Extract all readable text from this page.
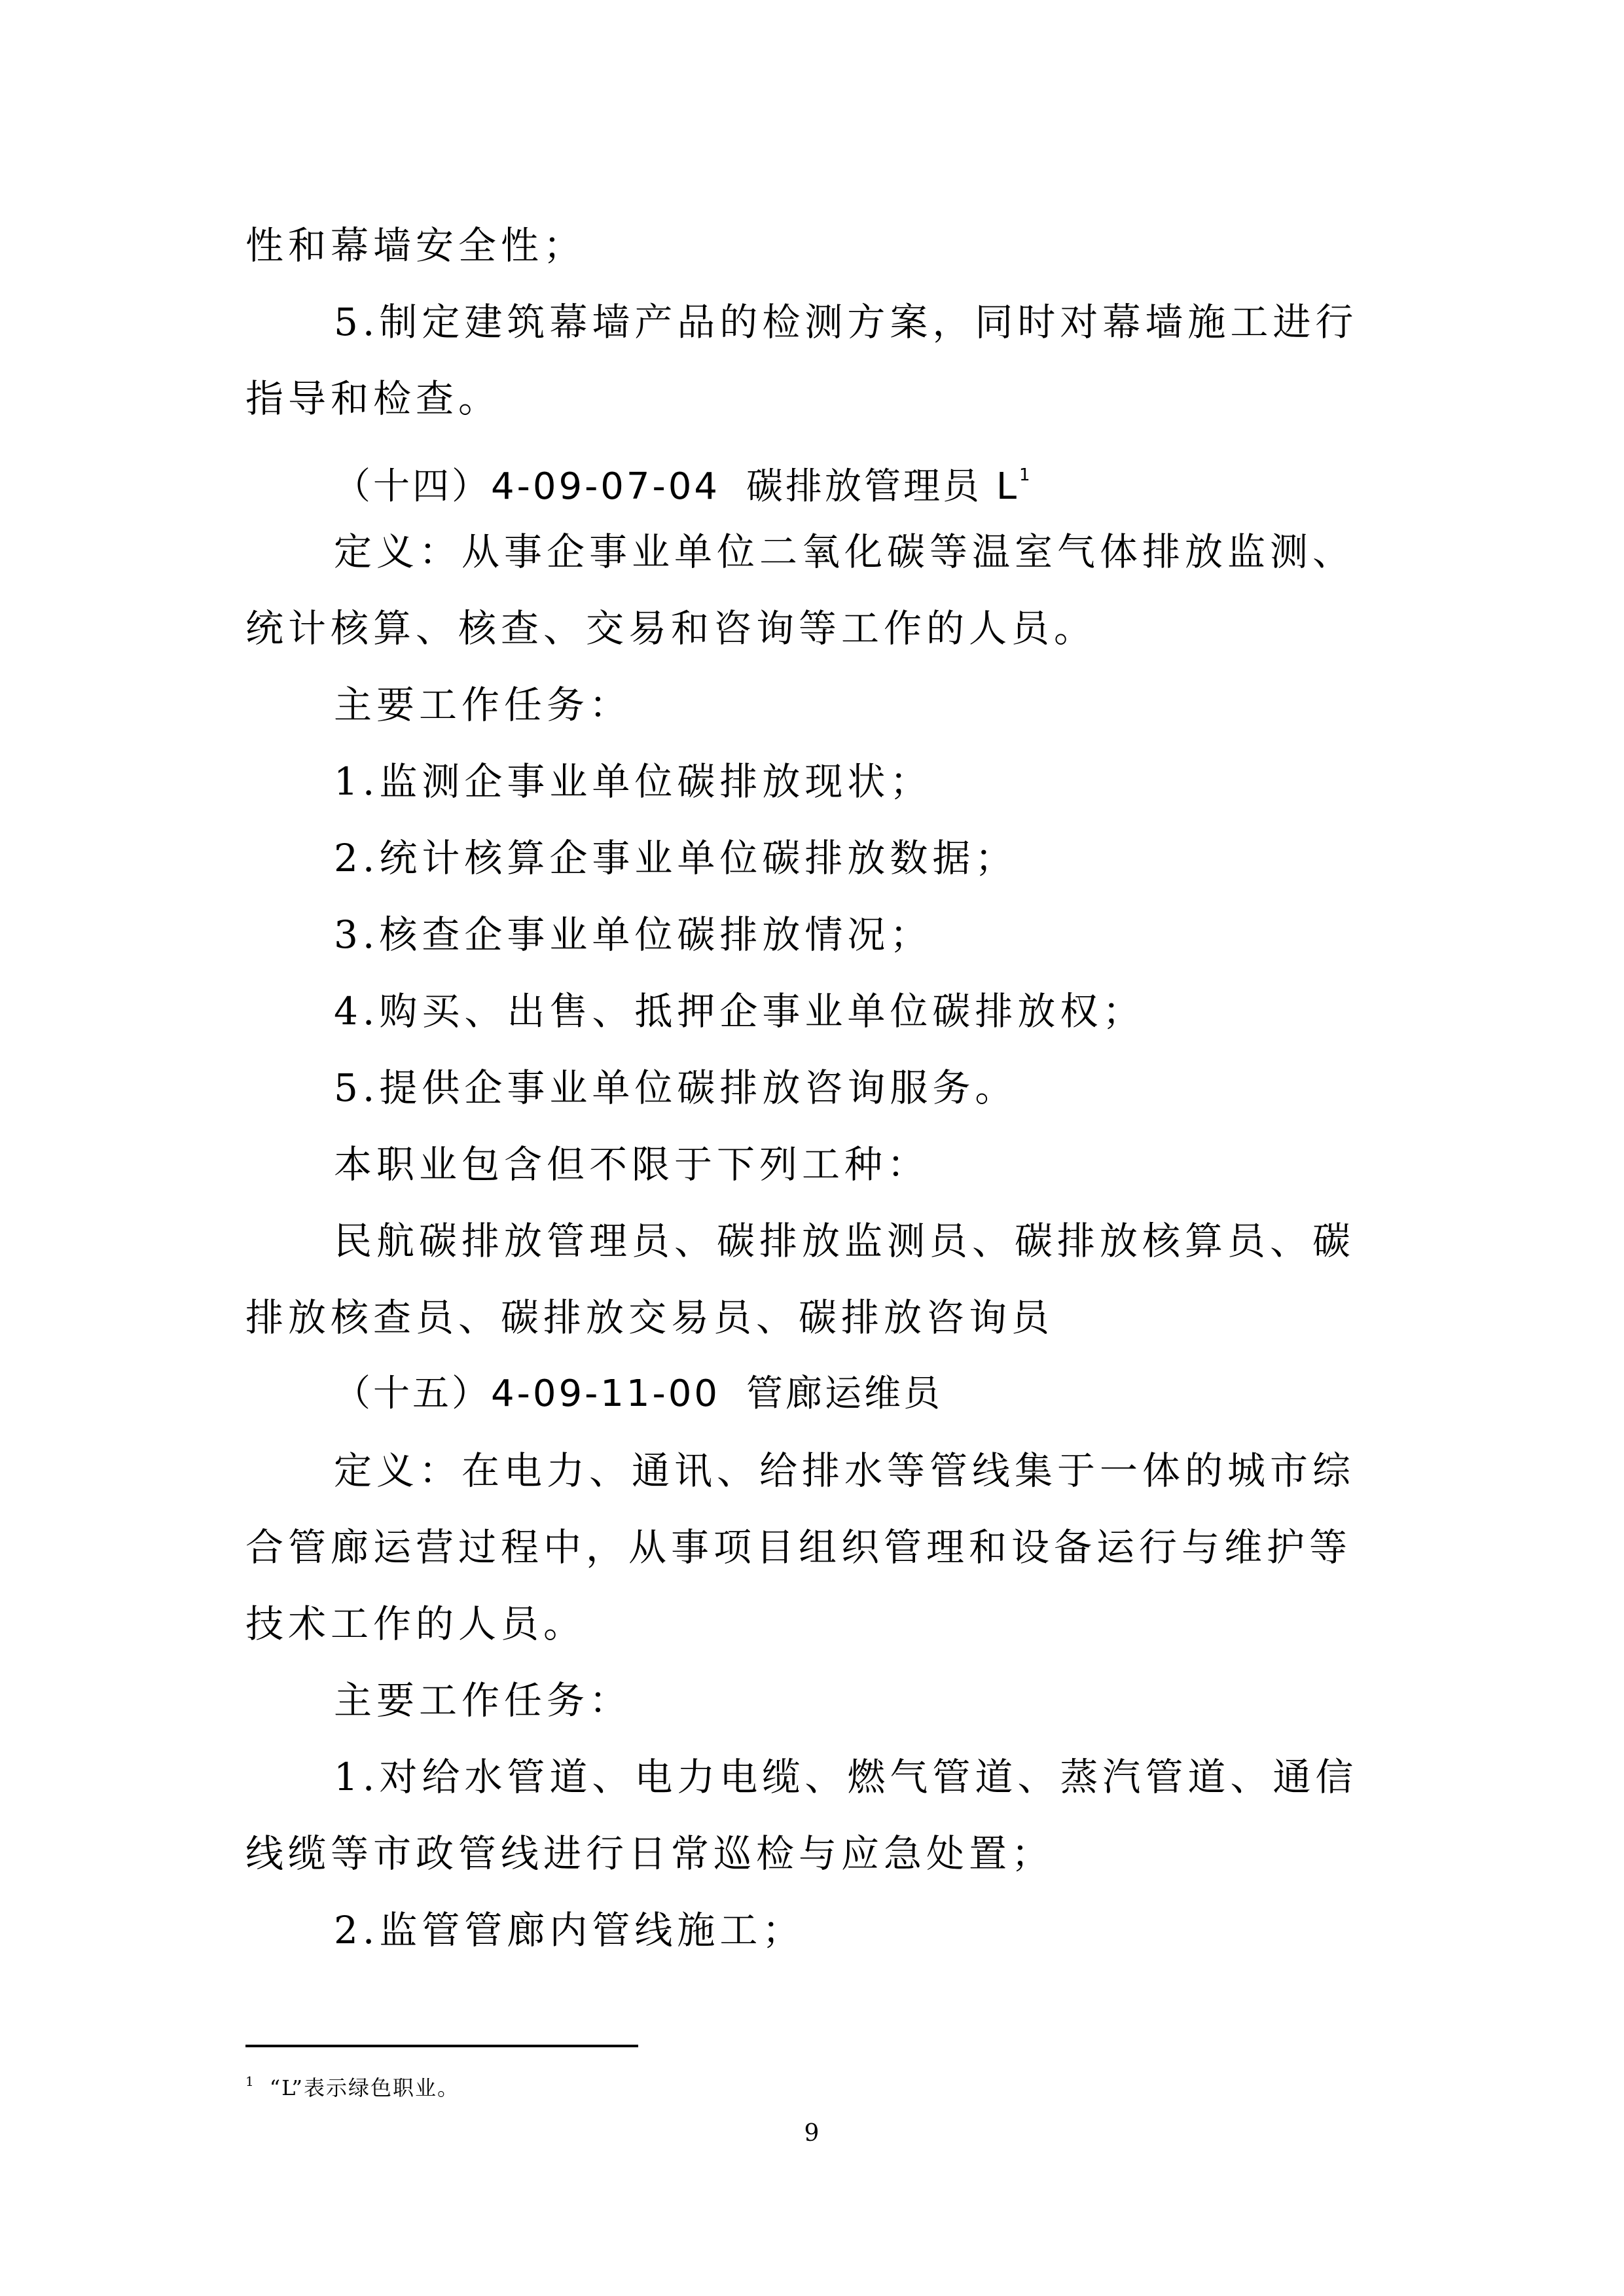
性和幕墙安全性；

5.制定建筑幕墙产品的检测方案，同时对幕墙施工进行

指导和检查。

（十四）4-09-07-04 碳排放管理员 $L^1$

定义：从事企事业单位二氧化碳等温室气体排放监测、

统计核算、核查、交易和咨询等工作的人员。

主要工作任务：

1.监测企事业单位碳排放现状；

2.统计核算企事业单位碳排放数据；

3.核查企事业单位碳排放情况；

4.购买、出售、抵押企事业单位碳排放权；

5.提供企事业单位碳排放咨询服务。

本职业包含但不限于下列工种：

民航碳排放管理员、碳排放监测员、碳排放核算员、碳

排放核查员、碳排放交易员、碳排放咨询员

（十五）4-09-11-00 管廊运维员

定义：在电力、通讯、给排水等管线集于一体的城市综

合管廊运营过程中，从事项目组织管理和设备运行与维护等

技术工作的人员。

主要工作任务：

1.对给水管道、电力电缆、燃气管道、蒸汽管道、通信

线缆等市政管线进行日常巡检与应急处置；

2.监管管廊内管线施工；

$^1$ “L”表示绿色职业。
9
